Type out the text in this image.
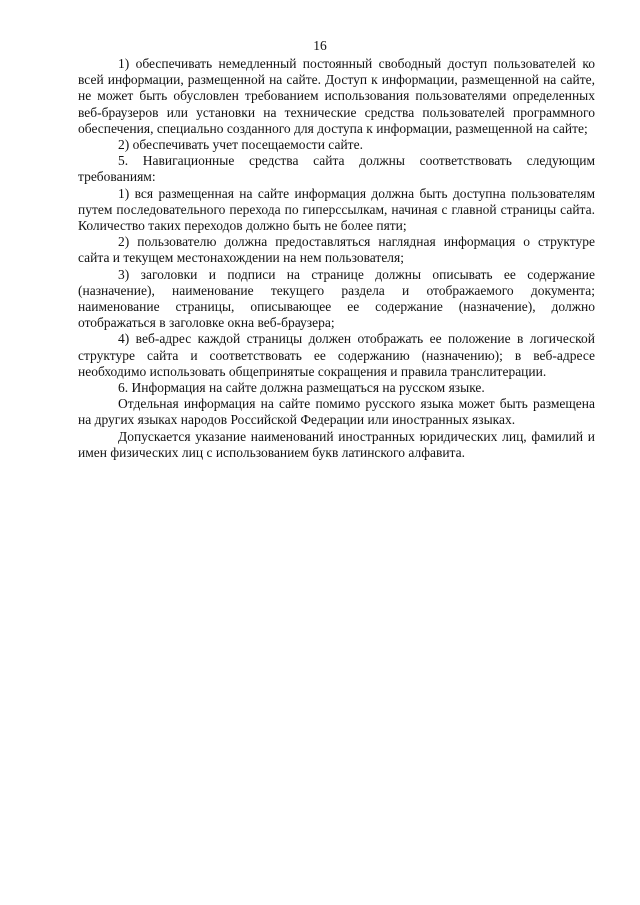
16

1) обеспечивать немедленный постоянный свободный доступ пользователей ко всей информации, размещенной на сайте. Доступ к информации, размещенной на сайте, не может быть обусловлен требованием использования пользователями определенных веб-браузеров или установки на технические средства пользователей программного обеспечения, специально созданного для доступа к информации, размещенной на сайте;

2) обеспечивать учет посещаемости сайте.

5. Навигационные средства сайта должны соответствовать следующим требованиям:

1) вся размещенная на сайте информация должна быть доступна пользователям путем последовательного перехода по гиперссылкам, начиная с главной страницы сайта. Количество таких переходов должно быть не более пяти;

2) пользователю должна предоставляться наглядная информация о структуре сайта и текущем местонахождении на нем пользователя;

3) заголовки и подписи на странице должны описывать ее содержание (назначение), наименование текущего раздела и отображаемого документа; наименование страницы, описывающее ее содержание (назначение), должно отображаться в заголовке окна веб-браузера;

4) веб-адрес каждой страницы должен отображать ее положение в логической структуре сайта и соответствовать ее содержанию (назначению); в веб-адресе необходимо использовать общепринятые сокращения и правила транслитерации.

6. Информация на сайте должна размещаться на русском языке.

Отдельная информация на сайте помимо русского языка может быть размещена на других языках народов Российской Федерации или иностранных языках.

Допускается указание наименований иностранных юридических лиц, фамилий и имен физических лиц с использованием букв латинского алфавита.
